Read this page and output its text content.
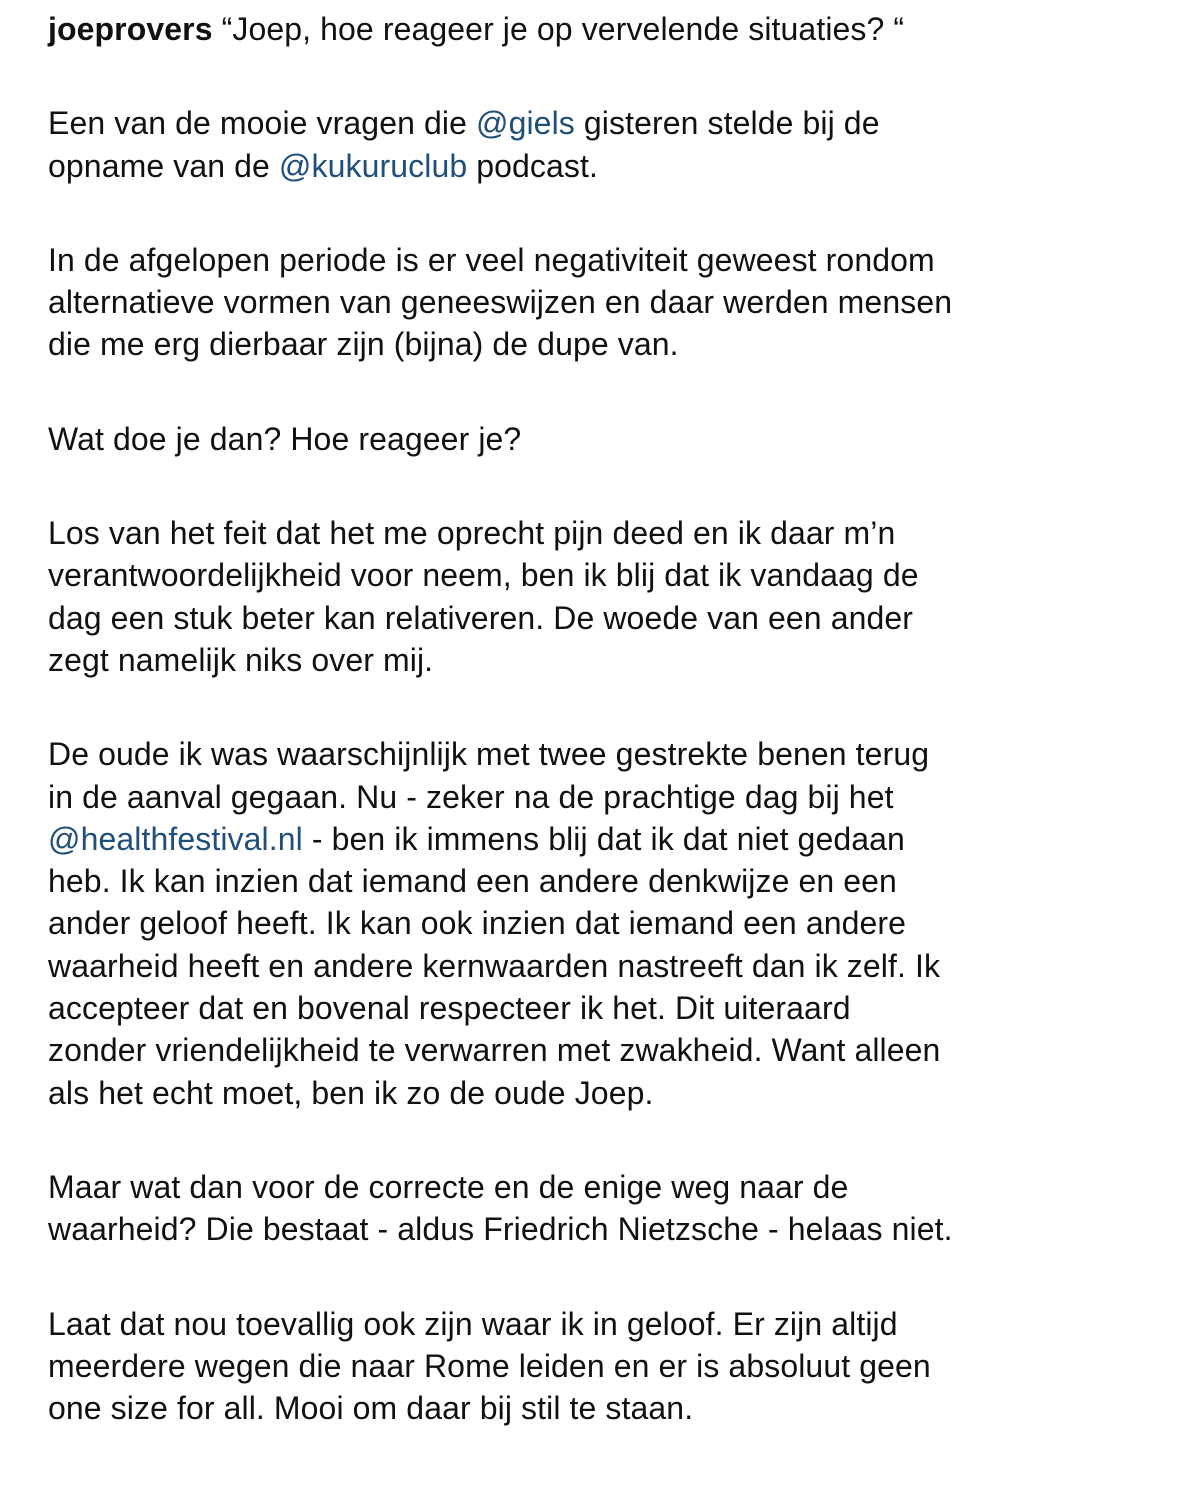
joeprovers “Joep, hoe reageer je op vervelende situaties? “
Een van de mooie vragen die @giels gisteren stelde bij de
opname van de @kukuruclub podcast.
In de afgelopen periode is er veel negativiteit geweest rondom
alternatieve vormen van geneeswijzen en daar werden mensen
die me erg dierbaar zijn (bijna) de dupe van.
Wat doe je dan? Hoe reageer je?
Los van het feit dat het me oprecht pijn deed en ik daar m’n
verantwoordelijkheid voor neem, ben ik blij dat ik vandaag de
dag een stuk beter kan relativeren. De woede van een ander
zegt namelijk niks over mij.
De oude ik was waarschijnlijk met twee gestrekte benen terug
in de aanval gegaan. Nu - zeker na de prachtige dag bij het
@healthfestival.nl - ben ik immens blij dat ik dat niet gedaan
heb. Ik kan inzien dat iemand een andere denkwijze en een
ander geloof heeft. Ik kan ook inzien dat iemand een andere
waarheid heeft en andere kernwaarden nastreeft dan ik zelf. Ik
accepteer dat en bovenal respecteer ik het. Dit uiteraard
zonder vriendelijkheid te verwarren met zwakheid. Want alleen
als het echt moet, ben ik zo de oude Joep.
Maar wat dan voor de correcte en de enige weg naar de
waarheid? Die bestaat - aldus Friedrich Nietzsche - helaas niet.
Laat dat nou toevallig ook zijn waar ik in geloof. Er zijn altijd
meerdere wegen die naar Rome leiden en er is absoluut geen
one size for all. Mooi om daar bij stil te staan.
